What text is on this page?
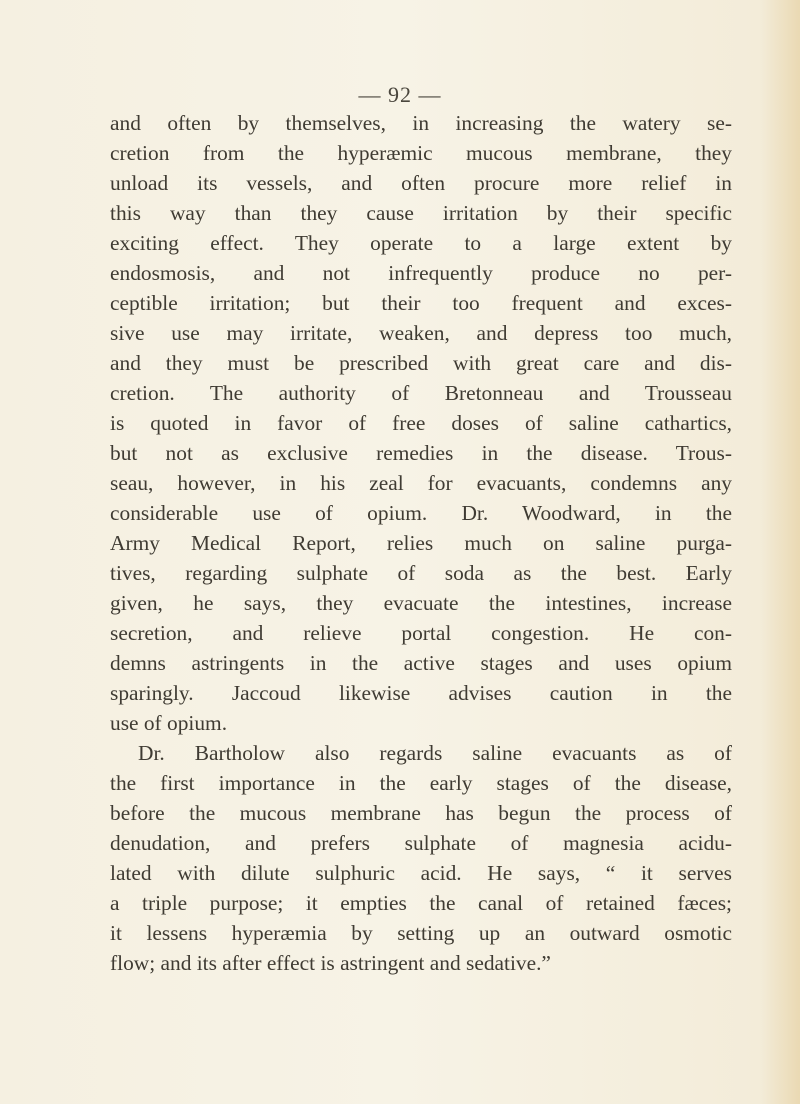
— 92 —
and often by themselves, in increasing the watery se-
cretion from the hyperæmic mucous membrane, they
unload its vessels, and often procure more relief in
this way than they cause irritation by their specific
exciting effect. They operate to a large extent by
endosmosis, and not infrequently produce no per-
ceptible irritation; but their too frequent and exces-
sive use may irritate, weaken, and depress too much,
and they must be prescribed with great care and dis-
cretion. The authority of Bretonneau and Trousseau
is quoted in favor of free doses of saline cathartics,
but not as exclusive remedies in the disease. Trous-
seau, however, in his zeal for evacuants, condemns any
considerable use of opium. Dr. Woodward, in the
Army Medical Report, relies much on saline purga-
tives, regarding sulphate of soda as the best. Early
given, he says, they evacuate the intestines, increase
secretion, and relieve portal congestion. He con-
demns astringents in the active stages and uses opium
sparingly. Jaccoud likewise advises caution in the
use of opium.
Dr. Bartholow also regards saline evacuants as of
the first importance in the early stages of the disease,
before the mucous membrane has begun the process of
denudation, and prefers sulphate of magnesia acidu-
lated with dilute sulphuric acid. He says, “ it serves
a triple purpose; it empties the canal of retained fæces;
it lessens hyperæmia by setting up an outward osmotic
flow; and its after effect is astringent and sedative.”
